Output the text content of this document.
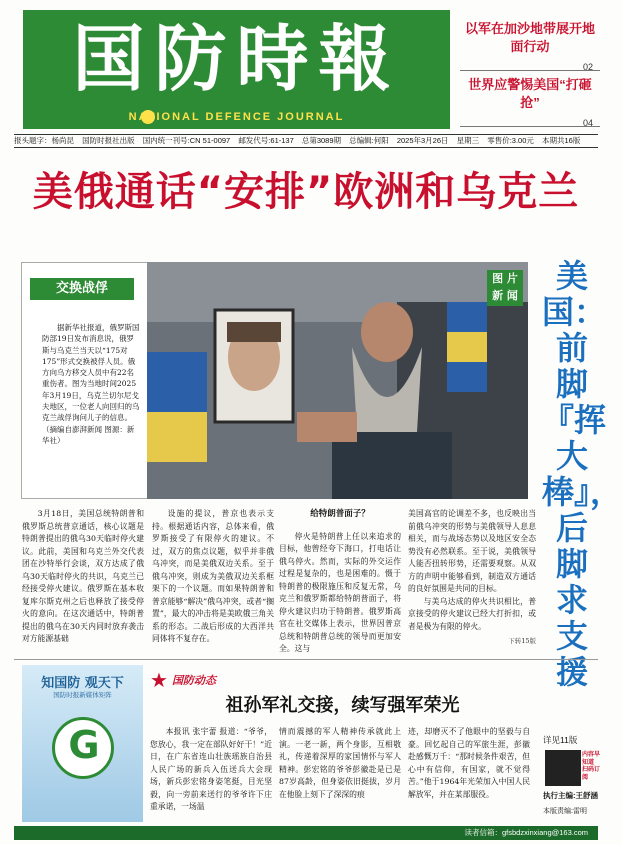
国防時報
NATIONAL DEFENCE JOURNAL
以军在加沙地带展开地面行动
02
世界应警惕美国“打砸抢”
04
报头题字：杨尚昆 国防时报社出版 国内统一刊号:CN 51-0097 邮发代号:61-137 总第3089期 总编辑:何阳 2025年3月26日 星期三 零售价:3.00元 本期共16版
美俄通话“安排”欧洲和乌克兰
交换战俘
据新华社报道，俄罗斯国防部19日发布消息说，俄罗斯与乌克兰当天以“175对175”形式交换被俘人员。俄方向乌方移交人员中有22名重伤者。图为当地时间2025年3月19日，乌克兰切尔尼戈夫地区，一位老人向回归的乌克兰战俘询问儿子的信息。（摘编自澎湃新闻 图源：新华社）
图 片
新 闻
美国：前脚『挥大棒』，后脚求支援
详见11版
3月18日，美国总统特朗普和俄罗斯总统普京通话，核心议题是特朗普提出的俄乌30天临时停火建议。此前，美国和乌克兰外交代表团在沙特举行会谈，双方达成了俄乌30天临时停火的共识，乌克兰已经接受停火建议。俄罗斯在基本收复库尔斯克州之后也释放了接受停火的意向。在这次通话中，特朗普提出的俄乌在30天内同时放弃袭击对方能源基础
设施的提议，普京也表示支持。根据通话内容，总体来看，俄罗斯接受了有限停火的建议。不过，双方的焦点议题，似乎并非俄乌冲突，而是美俄双边关系。至于俄乌冲突，则成为美俄双边关系框架下的一个议题。而如果特朗普和普京能够“解决”俄乌冲突，或者“搁置”，最大的冲击将是美欧俄三角关系的形态。二战后形成的大西洋共同体将不复存在。
给特朗普面子？
停火是特朗普上任以来追求的目标，他曾经夸下海口，打电话让俄乌停火。然而，实际的外交运作过程是复杂的，也是困难的。慑于特朗普的极限施压和反复无常，乌克兰和俄罗斯都给特朗普面子，将停火建议归功于特朗普。俄罗斯高官在社交媒体上表示，世界因普京总统和特朗普总统的领导而更加安全。这与
美国高官的论调差不多，也反映出当前俄乌冲突的形势与美俄领导人息息相关，而与战场态势以及地区安全态势没有必然联系。至于说，美俄领导人能否扭转形势，还需要观察。从双方的声明中能够看到，制造双方通话的良好氛围是共同的目标。
与美乌达成的停火共识相比，普京接受的停火建议已经大打折扣，或者是极为有限的停火。
下转15版
知国防 观天下
国防时报新媒体矩阵
G
★ 国防动态
祖孙军礼交接，续写强军荣光
本报讯 张宇蕾 报道：“爷爷，您放心，我一定在部队好好干！”近日，在广东省连山壮族瑶族自治县人民广场的新兵入伍送兵大会现场，新兵彭宏铭身姿笔挺，目光坚毅，向一旁前来送行的爷爷许下庄重承诺，一场温
情而震撼的军人精神传承就此上演。一老一新，两个身影，互相敬礼，传递着深厚的家国情怀与军人精神。彭宏铭的爷爷彭徽赴是已是87岁高龄，但身姿依旧挺拔，岁月在他脸上刻下了深深的痕
迹，却磨灭不了他眼中的坚毅与自豪。回忆起自己的军旅生涯，彭徽赴感慨万千：“那时候条件艰苦，但心中有信仰，有国家，就不觉得苦。”他于1964年光荣加入中国人民解放军，并在某部服役。
内容早知道 扫码订阅
执行主编:王舒涵
本版责编:雷明
读者信箱：gfsbdzxinxiang@163.com
